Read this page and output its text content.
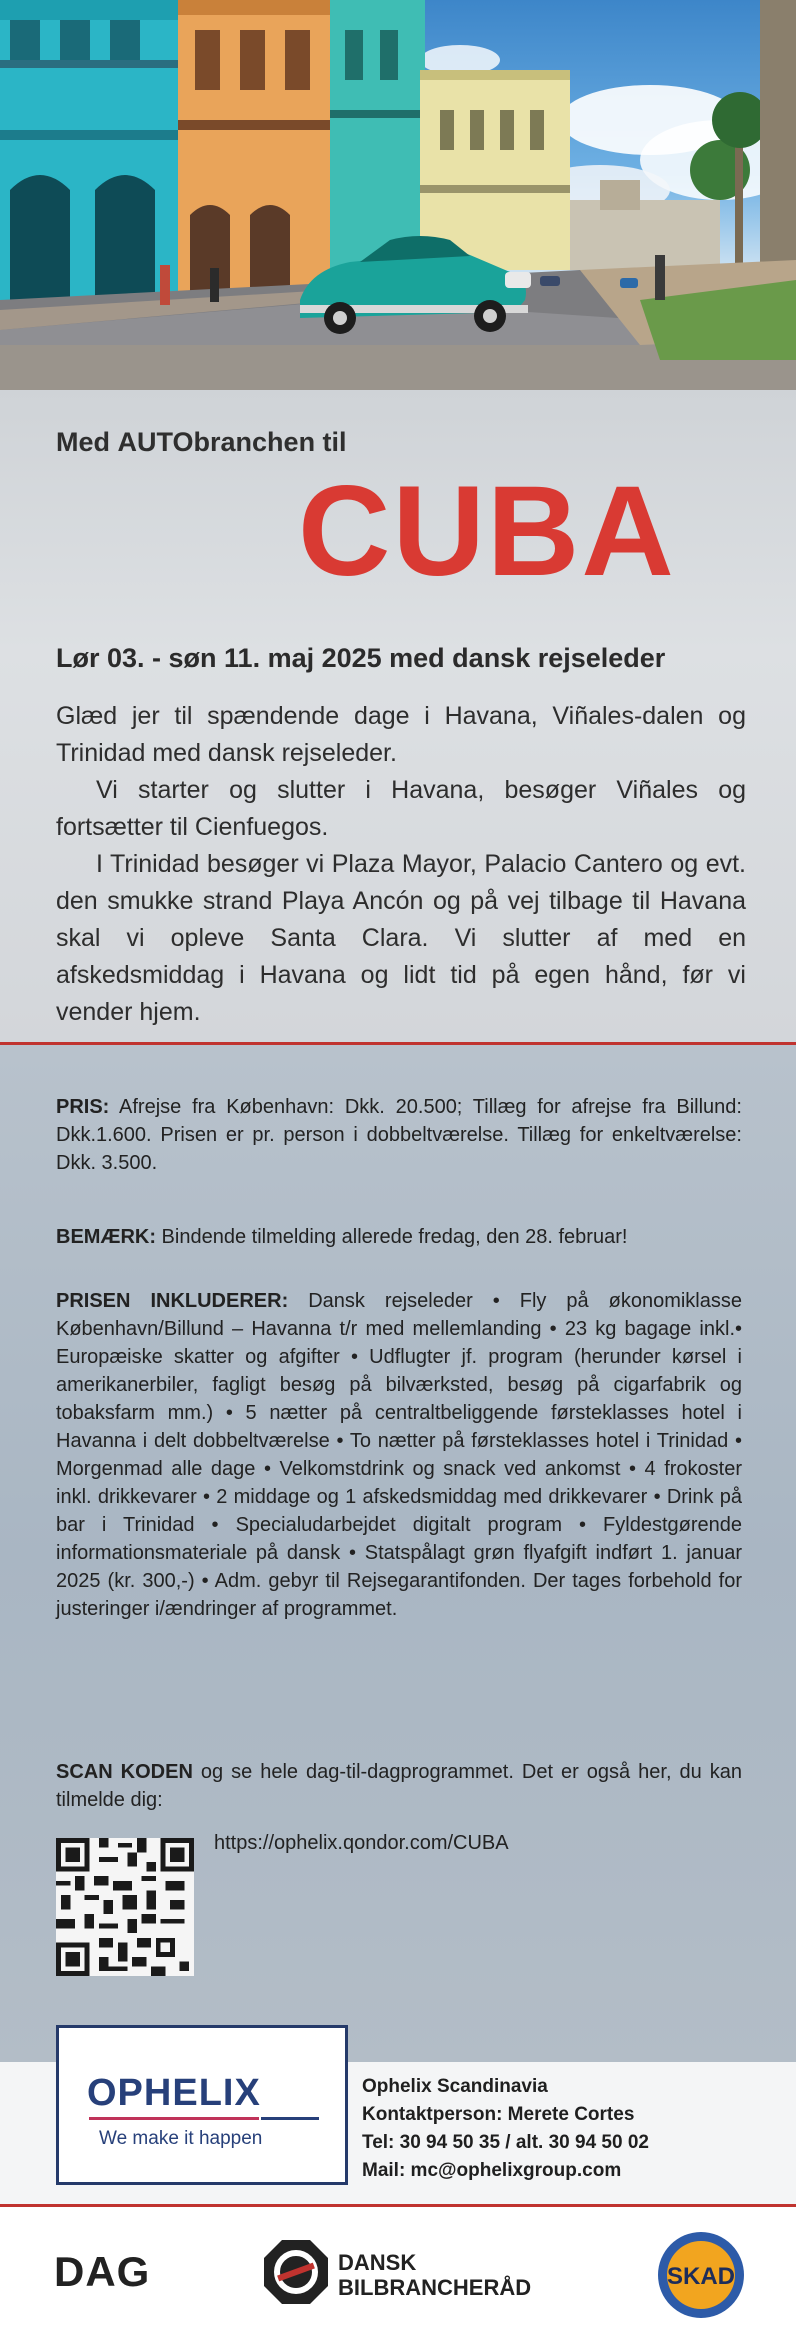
Med AUTObranchen til
CUBA
Lør 03. - søn 11. maj 2025 med dansk rejseleder

Glæd jer til spændende dage i Havana, Viñales-dalen og Trinidad med dansk rejseleder.

Vi starter og slutter i Havana, besøger Viñales og fortsætter til Cienfuegos.

I Trinidad besøger vi Plaza Mayor, Palacio Cantero og evt. den smukke strand Playa Ancón og på vej tilbage til Havana skal vi opleve Santa Clara. Vi slutter af med en afskedsmiddag i Havana og lidt tid på egen hånd, før vi vender hjem.

PRIS: Afrejse fra København: Dkk. 20.500; Tillæg for afrejse fra Billund: Dkk.1.600. Prisen er pr. person i dobbeltværelse. Tillæg for enkeltværelse: Dkk. 3.500.
BEMÆRK: Bindende tilmelding allerede fredag, den 28. februar!
PRISEN INKLUDERER: Dansk rejseleder • Fly på økonomiklasse København/Billund – Havanna t/r med mellemlanding • 23 kg bagage inkl.• Europæiske skatter og afgifter • Udflugter jf. program (herunder kørsel i amerikanerbiler, fagligt besøg på bilværksted, besøg på cigarfabrik og tobaksfarm mm.) • 5 nætter på centraltbeliggende førsteklasses hotel i Havanna i delt dobbeltværelse • To nætter på førsteklasses hotel i Trinidad • Morgenmad alle dage • Velkomstdrink og snack ved ankomst • 4 frokoster inkl. drikkevarer • 2 middage og 1 afskedsmiddag med drikkevarer • Drink på bar i Trinidad • Specialudarbejdet digitalt program • Fyldestgørende informationsmateriale på dansk • Statspålagt grøn flyafgift indført 1. januar 2025 (kr. 300,-) • Adm. gebyr til Rejsegarantifonden. Der tages forbehold for justeringer i/ændringer af programmet.
SCAN KODEN og se hele dag-til-dagprogrammet. Det er også her, du kan tilmelde dig:
https://ophelix.qondor.com/CUBA
OPHELIX
We make it happen
Ophelix Scandinavia
Kontaktperson: Merete Cortes
Tel: 30 94 50 35 / alt. 30 94 50 02
Mail: mc@ophelixgroup.com
DAG	DANSK
BILBRANCHERÅD	SKAD
